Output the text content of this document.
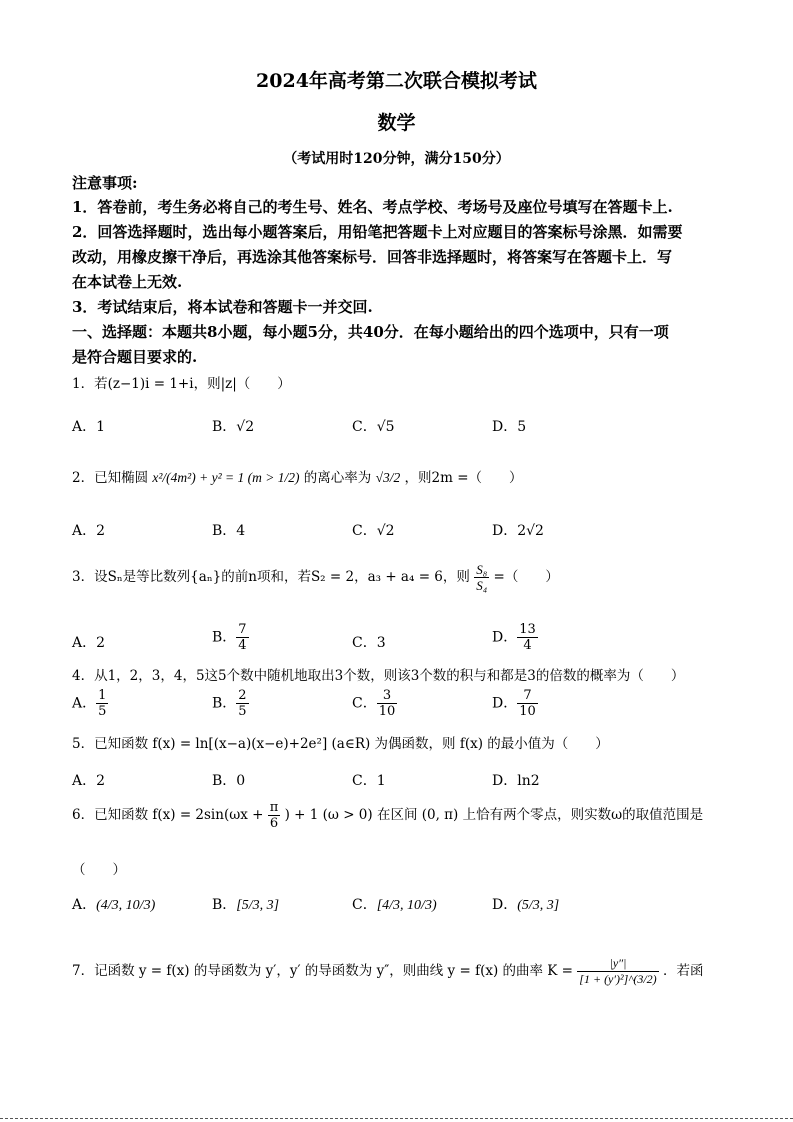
2024年高考第二次联合模拟考试
数学
（考试用时120分钟，满分150分）
注意事项:
1．答卷前，考生务必将自己的考生号、姓名、考点学校、考场号及座位号填写在答题卡上.
2．回答选择题时，选出每小题答案后，用铅笔把答题卡上对应题目的答案标号涂黑．如需要
改动，用橡皮擦干净后，再选涂其他答案标号．回答非选择题时，将答案写在答题卡上．写
在本试卷上无效.
3．考试结束后，将本试卷和答题卡一并交回.
一、选择题：本题共8小题，每小题5分，共40分．在每小题给出的四个选项中，只有一项
是符合题目要求的.
1．若(z−1)i = 1+i，则|z|（　　）
A．1	B．√2	C．√5	D．5
2．已知椭圆 x²/(4m²) + y² = 1 (m > 1/2) 的离心率为 √3/2 ，则2m =（　　）
A．2	B．4	C．√2	D．2√2
3．设Sₙ是等比数列{aₙ}的前n项和，若S₂ = 2，a₃ + a₄ = 6，则 $\frac{\text{S₈}}{\text{S₄}}$ =（　　）
A．2	B． $\frac{7}{4}$	C．3	D． $\frac{13}{4}$
4．从1，2，3，4，5这5个数中随机地取出3个数，则该3个数的积与和都是3的倍数的概率为（　　）
A． $\frac{1}{5}$	B． $\frac{2}{5}$	C． $\frac{3}{10}$	D． $\frac{7}{10}$
5．已知函数 f(x) = ln[(x−a)(x−e)+2e²] (a∈R) 为偶函数，则 f(x) 的最小值为（　　）
A．2	B．0	C．1	D．ln2
6．已知函数 $f(x) = 2\sin(\omega x + \frac{\pi}{6}$ ) + 1 (ω > 0) 在区间 (0, π) 上恰有两个零点，则实数ω的取值范围是
（　　）
A．(4/3, 10/3)	B．[5/3, 3]	C．[4/3, 10/3)	D．(5/3, 3]
7．记函数 y = f(x) 的导函数为 y′，y′ 的导函数为 y″，则曲线 y = f(x) 的曲率 $K = \frac{|y''|}{\text{[1 + (y′)²]\textasciicircum{}(3/2)}}$ ．若函
